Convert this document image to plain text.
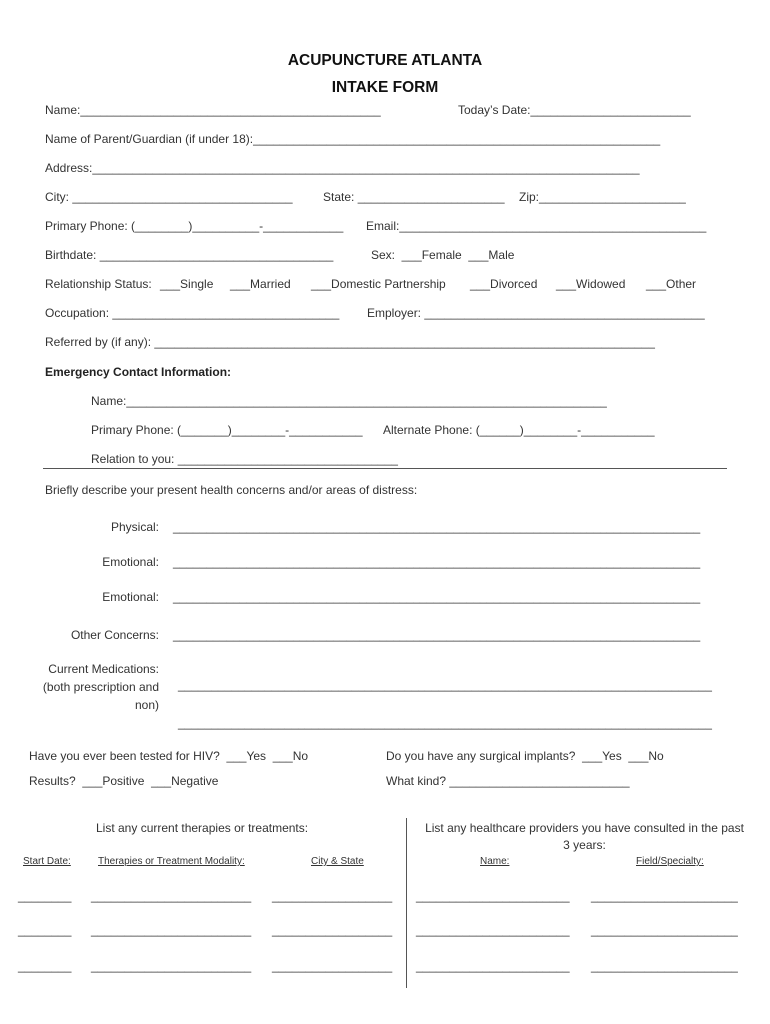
ACUPUNCTURE ATLANTA
INTAKE FORM
Name:_____________________________________________	Today’s Date:________________________
Name of Parent/Guardian (if under 18):_____________________________________________________________
Address:__________________________________________________________________________________
City: _________________________________	State: ______________________ Zip:______________________
Primary Phone: (________)__________-____________ Email:______________________________________________
Birthdate: ___________________________________	Sex:  ___Female  ___Male
Relationship Status: ___Single ___Married ___Domestic Partnership ___Divorced ___Widowed ___Other
Occupation: __________________________________ Employer: __________________________________________
Referred by (if any): ___________________________________________________________________________
Emergency Contact Information:
Name:________________________________________________________________________
Primary Phone: (_______)________-___________ Alternate Phone: (______)________-___________
Relation to you: _________________________________
Briefly describe your present health concerns and/or areas of distress:
Physical: _______________________________________________________________________________
Emotional: _______________________________________________________________________________
Emotional: _______________________________________________________________________________
Other Concerns: _______________________________________________________________________________
Current Medications:
(both prescription and
non)
________________________________________________________________________________
________________________________________________________________________________
Have you ever been tested for HIV?  ___Yes  ___No
Results?  ___Positive  ___Negative
Do you have any surgical implants?  ___Yes  ___No
What kind? ___________________________
List any current therapies or treatments:
Start Date:	Therapies or Treatment Modality:	City & State
List any healthcare providers you have consulted in the past
3 years:
Name:	Field/Specialty:
________ ________________________ __________________ _______________________ ______________________
________ ________________________ __________________ _______________________ ______________________
________ ________________________ __________________ _______________________ ______________________
